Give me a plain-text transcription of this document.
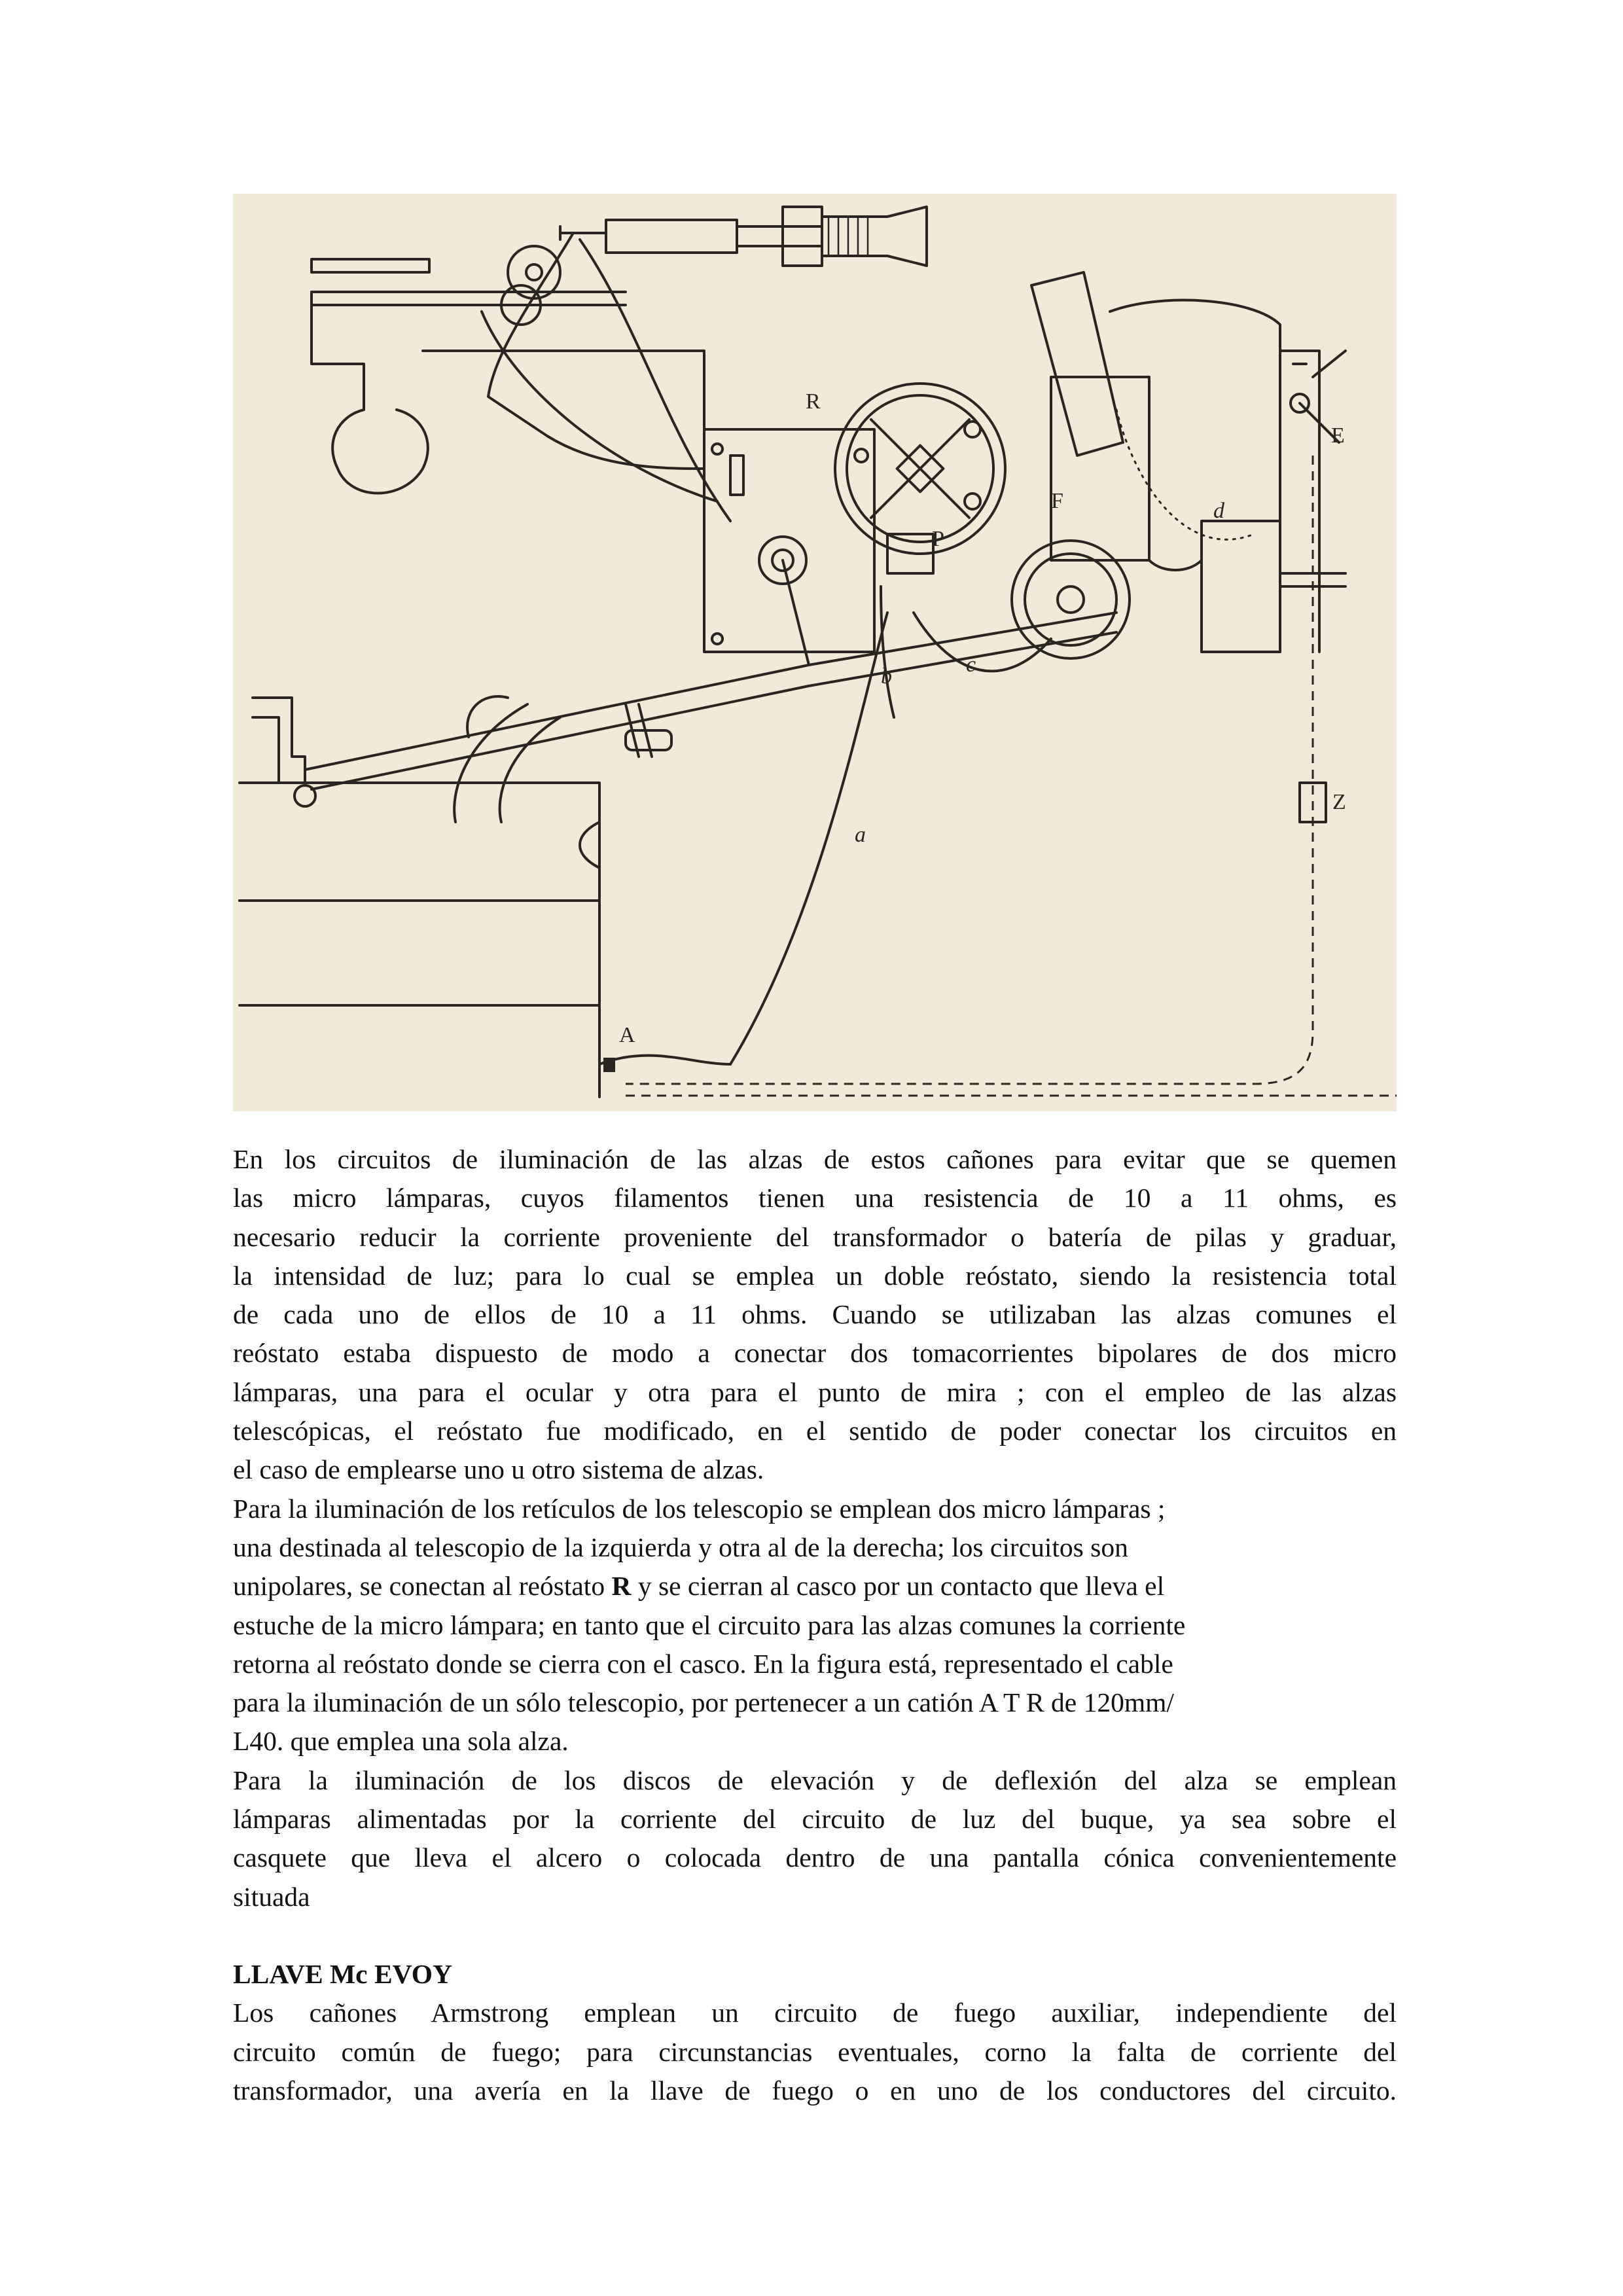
R
E
F	d
P
b	c
a
Z
A

En los circuitos de iluminación de las alzas de estos cañones para evitar que se quemen
las micro lámparas, cuyos filamentos tienen una resistencia de 10 a 11 ohms, es
necesario reducir la corriente proveniente del transformador o batería de pilas y graduar,
la intensidad de luz; para lo cual se emplea un doble reóstato, siendo la resistencia total
de cada uno de ellos de 10 a 11 ohms. Cuando se utilizaban las alzas comunes el
reóstato estaba dispuesto de modo a conectar dos tomacorrientes bipolares de dos micro
lámparas, una para el ocular y otra para el punto de mira ; con el empleo de las alzas
telescópicas, el reóstato fue modificado, en el sentido de poder conectar los circuitos en
el caso de emplearse uno u otro sistema de alzas.

Para la iluminación de los retículos de los telescopio se emplean dos micro lámparas ;
una destinada al telescopio de la izquierda y otra al de la derecha; los circuitos son
unipolares, se conectan al reóstato R y se cierran al casco por un contacto que lleva el
estuche de la micro lámpara; en tanto que el circuito para las alzas comunes la corriente
retorna al reóstato donde se cierra con el casco. En la figura está, representado el cable
para la iluminación de un sólo telescopio, por pertenecer a un catión A T R de 120mm/
L40. que emplea una sola alza.

Para la iluminación de los discos de elevación y de deflexión del alza se emplean
lámparas alimentadas por la corriente del circuito de luz del buque, ya sea sobre el
casquete que lleva el alcero o colocada dentro de una pantalla cónica convenientemente
situada

LLAVE Mc EVOY

Los cañones Armstrong emplean un circuito de fuego auxiliar, independiente del
circuito común de fuego; para circunstancias eventuales, corno la falta de corriente del
transformador, una avería en la llave de fuego o en uno de los conductores del circuito.
